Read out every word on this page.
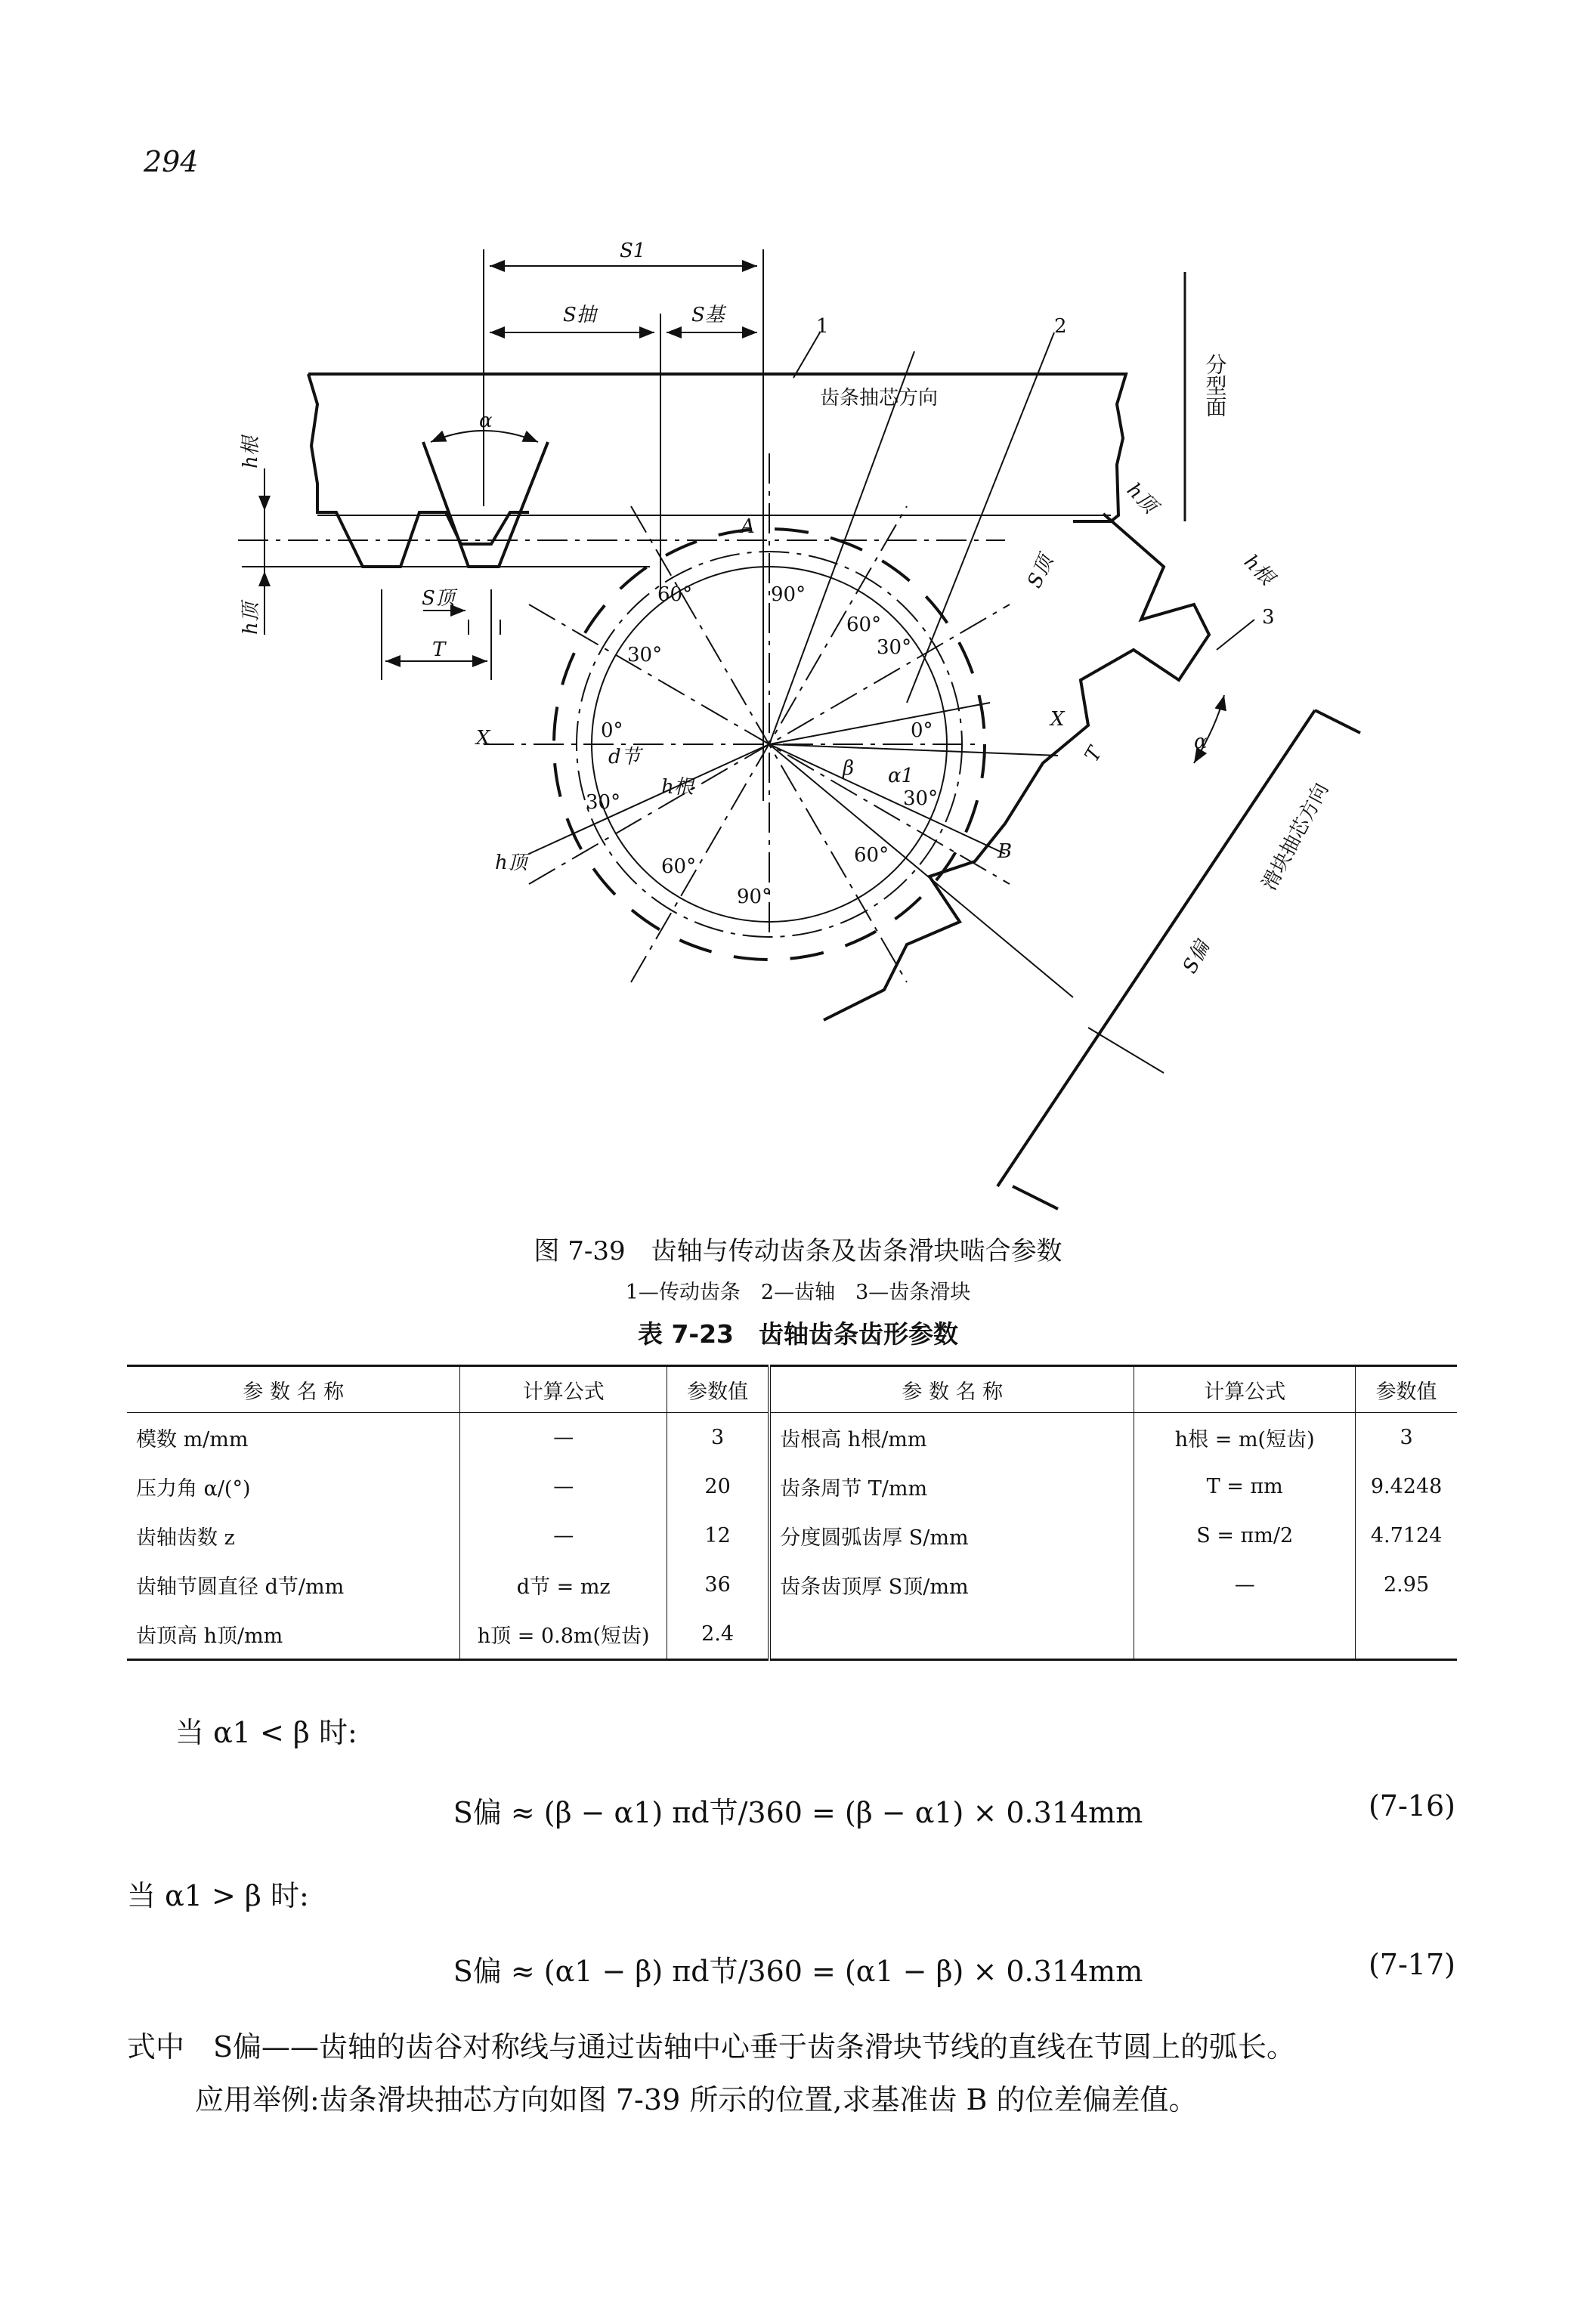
294
S1
S抽	S基	1	2
3
齿条抽芯方向
α
A
B
X
X
d节
h根
h顶
S顶
T
β α1
α
0°	0°
30°	30°
30°	30°
60°
60°
60°	60°
90°
90°
h根
h顶
h顶
h根
S顶
T
S偏
滑块抽芯方向
分型面
图 7-39　齿轴与传动齿条及齿条滑块啮合参数
1—传动齿条　2—齿轴　3—齿条滑块
表 7-23　齿轴齿条齿形参数
参 数 名 称	计算公式	参数值	参 数 名 称	计算公式	参数值
模数 m/mm	—	3	齿根高 h根/mm	h根 = m(短齿)	3
压力角 α/(°)	—	20	齿条周节 T/mm	T = πm	9.4248
齿轴齿数 z	—	12	分度圆弧齿厚 S/mm	S = πm/2	4.7124
齿轴节圆直径 d节/mm	d节 = mz	36	齿条齿顶厚 S顶/mm	—	2.95
齿顶高 h顶/mm	h顶 = 0.8m(短齿)	2.4			
当 α1 < β 时:
S偏 ≈ (β − α1) πd节/360 = (β − α1) × 0.314mm	(7-16)
当 α1 > β 时:
S偏 ≈ (α1 − β) πd节/360 = (α1 − β) × 0.314mm	(7-17)
式中　S偏——齿轴的齿谷对称线与通过齿轴中心垂于齿条滑块节线的直线在节圆上的弧长。
应用举例:齿条滑块抽芯方向如图 7-39 所示的位置,求基准齿 B 的位差偏差值。
